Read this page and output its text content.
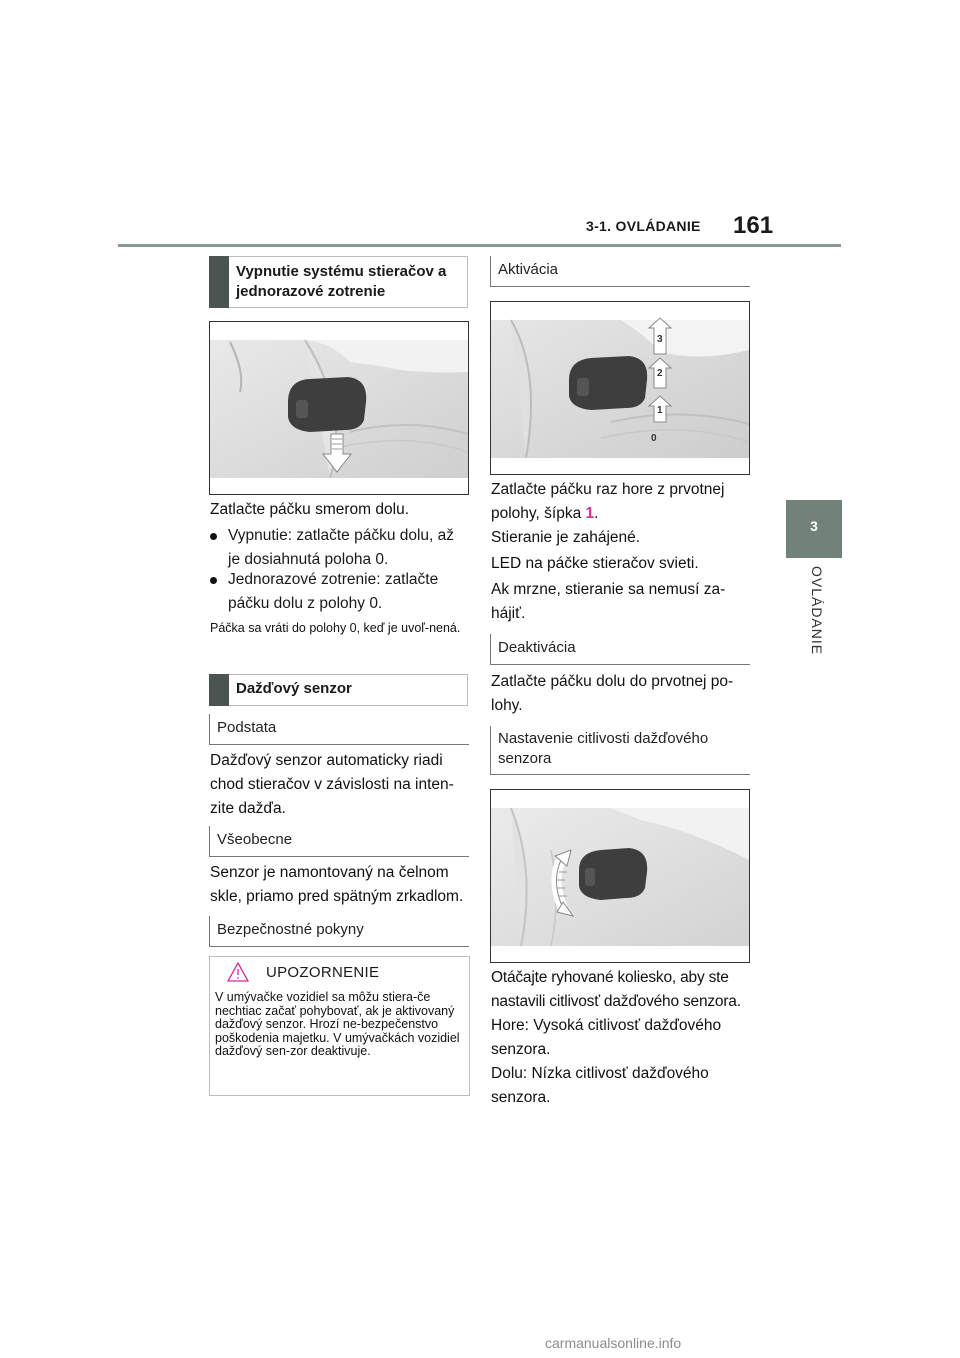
3-1. OVLÁDANIE 161
3
OVLÁDANIE
Vypnutie systému stieračov a jednorazové zotrenie
Zatlačte páčku smerom dolu.
Vypnutie: zatlačte páčku dolu, až je dosiahnutá poloha 0.
Jednorazové zotrenie: zatlačte páčku dolu z polohy 0.
Páčka sa vráti do polohy 0, keď je uvoľ-nená.
Dažďový senzor
Podstata
Dažďový senzor automaticky riadi chod stieračov v závislosti na inten-zite dažďa.
Všeobecne
Senzor je namontovaný na čelnom skle, priamo pred spätným zrkadlom.
Bezpečnostné pokyny
UPOZORNENIE
V umývačke vozidiel sa môžu stiera-če nechtiac začať pohybovať, ak je aktivovaný dažďový senzor. Hrozí ne-bezpečenstvo poškodenia majetku. V umývačkách vozidiel dažďový sen-zor deaktivuje.
Aktivácia
3
2
1
0
Zatlačte páčku raz hore z prvotnej polohy, šípka 1.
Stieranie je zahájené.
LED na páčke stieračov svieti.
Ak mrzne, stieranie sa nemusí za-hájiť.
Deaktivácia
Zatlačte páčku dolu do prvotnej po-lohy.
Nastavenie citlivosti dažďového senzora
Otáčajte ryhované koliesko, aby ste nastavili citlivosť dažďového senzora.
Hore: Vysoká citlivosť dažďového senzora.
Dolu: Nízka citlivosť dažďového senzora.
carmanualsonline.info
